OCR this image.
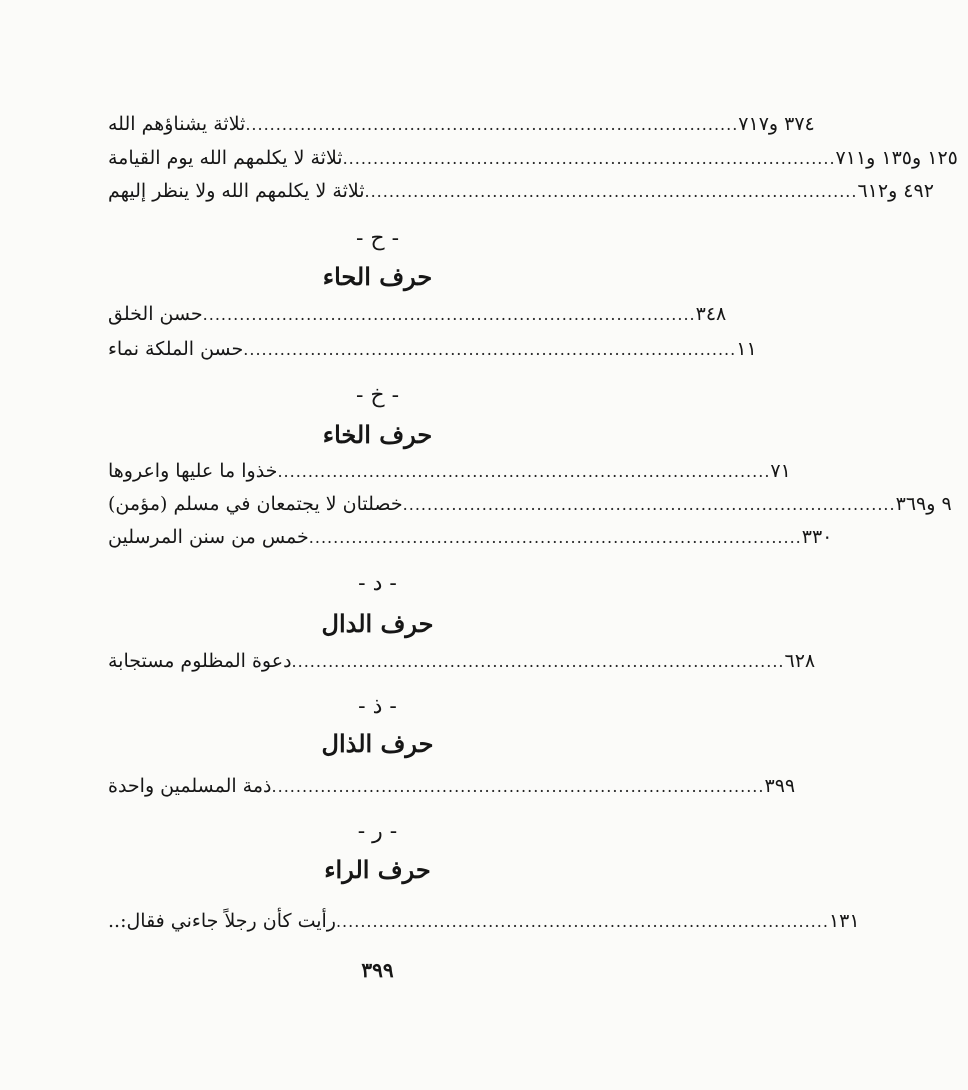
ثلاثة يشناؤهم الله ................................................................................. ٣٧٤ و٧١٧
ثلاثة لا يكلمهم الله يوم القيامة ................................................................................. ١٢٥ و١٣٥ و٧١١
ثلاثة لا يكلمهم الله ولا ينظر إليهم ................................................................................. ٤٩٢ و٦١٢
- ح -
حرف الحاء
حسن الخلق ................................................................................. ٣٤٨
حسن الملكة نماء ................................................................................. ١١
- خ -
حرف الخاء
خذوا ما عليها واعروها ................................................................................. ٧١
خصلتان لا يجتمعان في مسلم (مؤمن) ................................................................................. ٩ و٣٦٩
خمس من سنن المرسلين ................................................................................. ٣٣٠
- د -
حرف الدال
دعوة المظلوم مستجابة ................................................................................. ٦٢٨
- ذ -
حرف الذال
ذمة المسلمين واحدة ................................................................................. ٣٩٩
- ر -
حرف الراء
رأيت كأن رجلاً جاءني فقال:.. ................................................................................. ١٣١
٣٩٩
